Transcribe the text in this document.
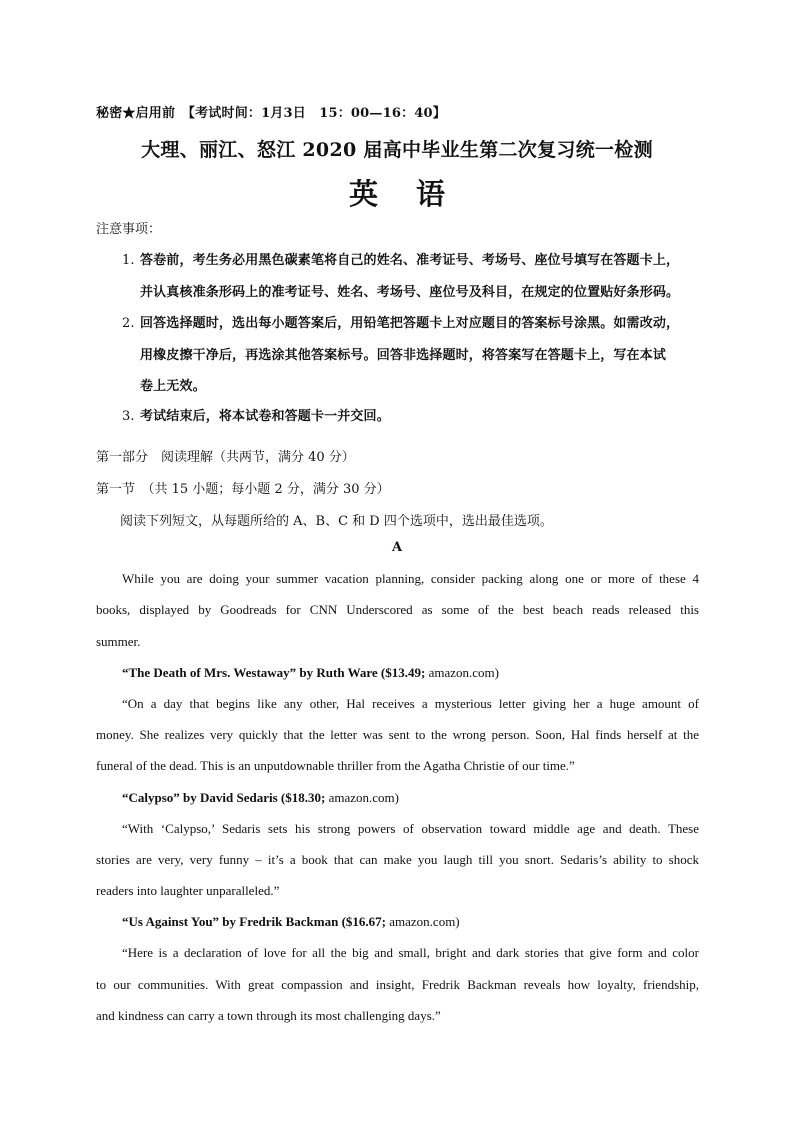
秘密★启用前　 【考试时间：1月3日　15：00—16：40】
大理、丽江、怒江 2020 届高中毕业生第二次复习统一检测
英语
注意事项：
1. 答卷前，考生务必用黑色碳素笔将自己的姓名、准考证号、考场号、座位号填写在答题卡上，
并认真核准条形码上的准考证号、姓名、考场号、座位号及科目，在规定的位置贴好条形码。
2. 回答选择题时，选出每小题答案后，用铅笔把答题卡上对应题目的答案标号涂黑。如需改动，
用橡皮擦干净后，再选涂其他答案标号。回答非选择题时，将答案写在答题卡上，写在本试
卷上无效。
3. 考试结束后，将本试卷和答题卡一并交回。
第一部分　阅读理解（共两节，满分 40 分）
第一节　（共 15 小题；每小题 2 分，满分 30 分）
阅读下列短文，从每题所给的 A、B、C 和 D 四个选项中，选出最佳选项。
A
While you are doing your summer vacation planning, consider packing along one or more of these 4
books, displayed by Goodreads for CNN Underscored as some of the best beach reads released this
summer.
“The Death of Mrs. Westaway” by Ruth Ware ($13.49; amazon.com)
“On a day that begins like any other, Hal receives a mysterious letter giving her a huge amount of
money. She realizes very quickly that the letter was sent to the wrong person. Soon, Hal finds herself at the
funeral of the dead. This is an unputdownable thriller from the Agatha Christie of our time.”
“Calypso” by David Sedaris ($18.30; amazon.com)
“With ‘Calypso,’ Sedaris sets his strong powers of observation toward middle age and death. These
stories are very, very funny – it’s a book that can make you laugh till you snort. Sedaris’s ability to shock
readers into laughter unparalleled.”
“Us Against You” by Fredrik Backman ($16.67; amazon.com)
“Here is a declaration of love for all the big and small, bright and dark stories that give form and color
to our communities. With great compassion and insight, Fredrik Backman reveals how loyalty, friendship,
and kindness can carry a town through its most challenging days.”
